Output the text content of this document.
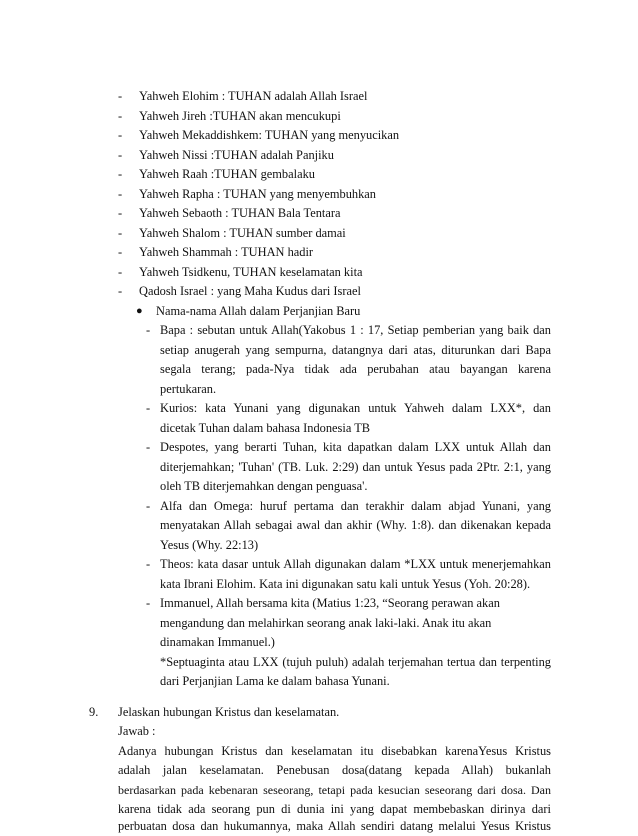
- Yahweh Elohim : TUHAN adalah Allah Israel
- Yahweh Jireh :TUHAN akan mencukupi
- Yahweh Mekaddishkem: TUHAN yang menyucikan
- Yahweh Nissi :TUHAN adalah Panjiku
- Yahweh Raah :TUHAN gembalaku
- Yahweh Rapha : TUHAN yang menyembuhkan
- Yahweh Sebaoth : TUHAN Bala Tentara
- Yahweh Shalom : TUHAN sumber damai
- Yahweh Shammah : TUHAN hadir
- Yahweh Tsidkenu, TUHAN keselamatan kita
- Qadosh Israel : yang Maha Kudus dari Israel
● Nama-nama Allah dalam Perjanjian Baru
- Bapa : sebutan untuk Allah(Yakobus 1 : 17, Setiap pemberian yang baik dan
setiap anugerah yang sempurna, datangnya dari atas, diturunkan dari Bapa
segala terang; pada-Nya tidak ada perubahan atau bayangan karena
pertukaran.
- Kurios: kata Yunani yang digunakan untuk Yahweh dalam LXX*, dan
dicetak Tuhan dalam bahasa Indonesia TB
- Despotes, yang berarti Tuhan, kita dapatkan dalam LXX untuk Allah dan
diterjemahkan; 'Tuhan' (TB. Luk. 2:29) dan untuk Yesus pada 2Ptr. 2:1, yang
oleh TB diterjemahkan dengan penguasa'.
- Alfa dan Omega: huruf pertama dan terakhir dalam abjad Yunani, yang
menyatakan Allah sebagai awal dan akhir (Why. 1:8). dan dikenakan kepada
Yesus (Why. 22:13)
- Theos: kata dasar untuk Allah digunakan dalam *LXX untuk menerjemahkan
kata Ibrani Elohim. Kata ini digunakan satu kali untuk Yesus (Yoh. 20:28).
- Immanuel, Allah bersama kita (Matius 1:23, “Seorang perawan akan
mengandung dan melahirkan seorang anak laki-laki. Anak itu akan
dinamakan Immanuel.)
*Septuaginta atau LXX (tujuh puluh) adalah terjemahan tertua dan terpenting
dari Perjanjian Lama ke dalam bahasa Yunani.
9. Jelaskan hubungan Kristus dan keselamatan.
Jawab :
Adanya hubungan Kristus dan keselamatan itu disebabkan karenaYesus Kristus
adalah jalan keselamatan. Penebusan dosa(datang kepada Allah) bukanlah
berdasarkan pada kebenaran seseorang, tetapi pada kesucian seseorang dari dosa. Dan
karena tidak ada seorang pun di dunia ini yang dapat membebaskan dirinya dari
perbuatan dosa dan hukumannya, maka Allah sendiri datang melalui Yesus Kristus
